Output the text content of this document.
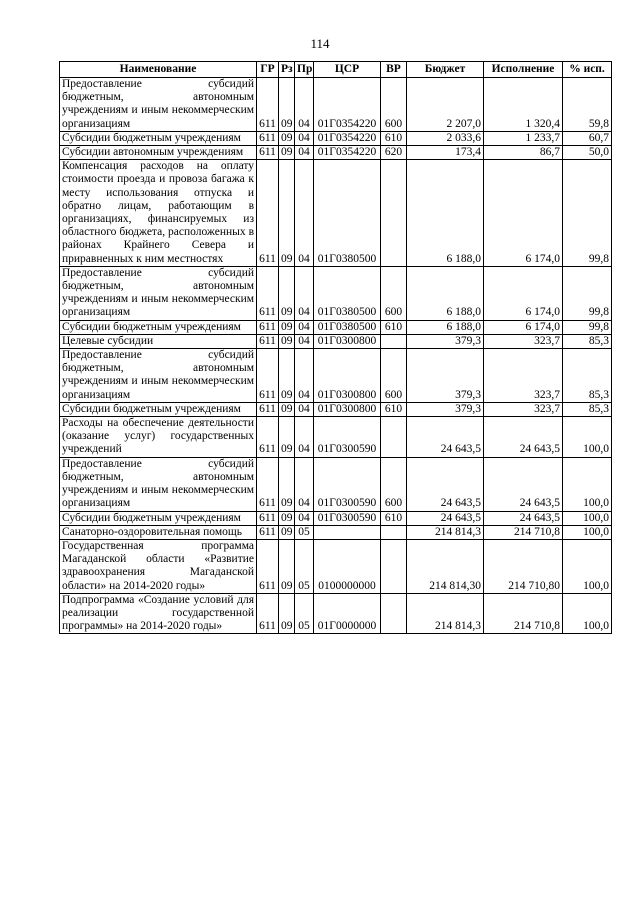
114
Наименование	ГР	Рз	Пр	ЦСР	ВР	Бюджет	Исполнение	% исп.
Предоставление субсидий бюджетным, автономным учреждениям и иным некоммерческим организациям	611	09	04	01Г0354220	600	2 207,0	1 320,4	59,8
Субсидии бюджетным учреждениям	611	09	04	01Г0354220	610	2 033,6	1 233,7	60,7
Субсидии автономным учреждениям	611	09	04	01Г0354220	620	173,4	86,7	50,0
Компенсация расходов на оплату стоимости проезда и провоза багажа к месту использования отпуска и обратно лицам, работающим в организациях, финансируемых из областного бюджета, расположенных в районах Крайнего Севера и приравненных к ним местностях	611	09	04	01Г0380500		6 188,0	6 174,0	99,8
Предоставление субсидий бюджетным, автономным учреждениям и иным некоммерческим организациям	611	09	04	01Г0380500	600	6 188,0	6 174,0	99,8
Субсидии бюджетным учреждениям	611	09	04	01Г0380500	610	6 188,0	6 174,0	99,8
Целевые субсидии	611	09	04	01Г0300800		379,3	323,7	85,3
Предоставление субсидий бюджетным, автономным учреждениям и иным некоммерческим организациям	611	09	04	01Г0300800	600	379,3	323,7	85,3
Субсидии бюджетным учреждениям	611	09	04	01Г0300800	610	379,3	323,7	85,3
Расходы на обеспечение деятельности (оказание услуг) государственных учреждений	611	09	04	01Г0300590		24 643,5	24 643,5	100,0
Предоставление субсидий бюджетным, автономным учреждениям и иным некоммерческим организациям	611	09	04	01Г0300590	600	24 643,5	24 643,5	100,0
Субсидии бюджетным учреждениям	611	09	04	01Г0300590	610	24 643,5	24 643,5	100,0
Санаторно-оздоровительная помощь	611	09	05			214 814,3	214 710,8	100,0
Государственная программа Магаданской области «Развитие здравоохранения Магаданской области» на 2014-2020 годы»	611	09	05	0100000000		214 814,30	214 710,80	100,0
Подпрограмма «Создание условий для реализации государственной программы» на 2014-2020 годы»	611	09	05	01Г0000000		214 814,3	214 710,8	100,0
